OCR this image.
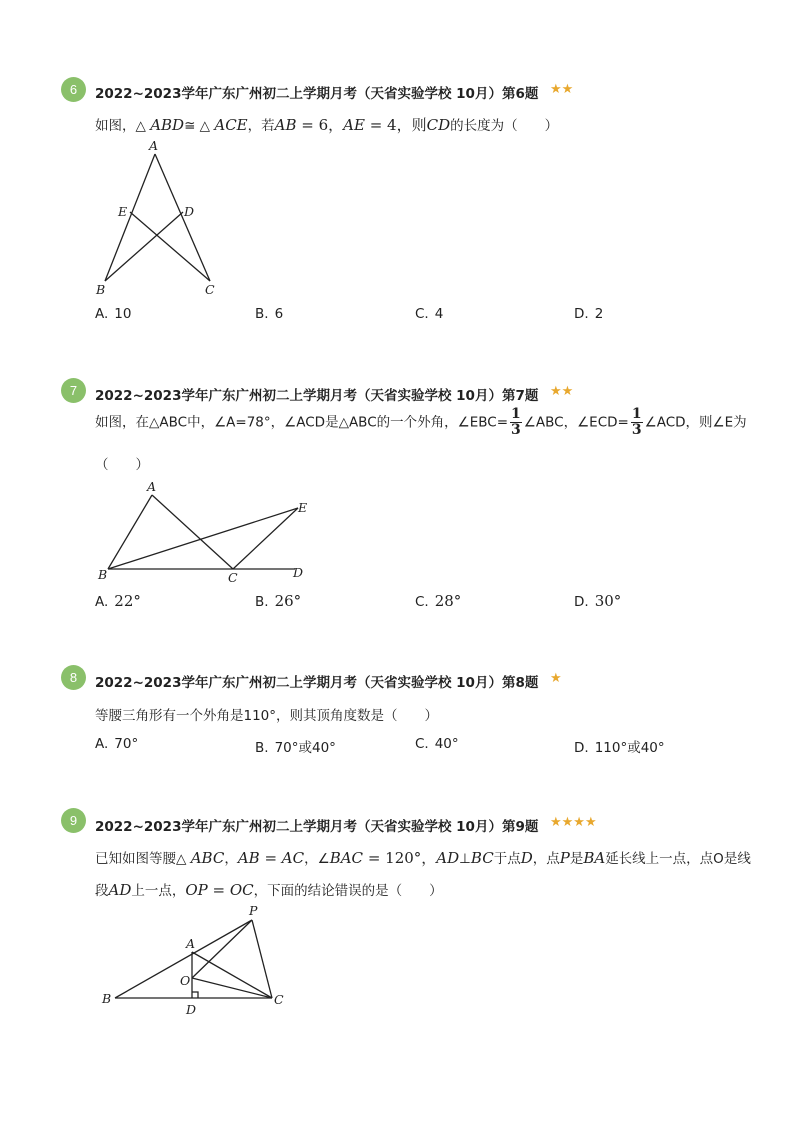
6	2022~2023学年广东广州初二上学期月考（天省实验学校 10月）第6题 ★★
如图，△ ABD≅ △ ACE，若AB = 6，AE = 4，则CD的长度为（　　）
A
E	D
B	C
A. 10	B. 6	C. 4	D. 2
7	2022~2023学年广东广州初二上学期月考（天省实验学校 10月）第7题 ★★
如图，在△ABC中，∠A=78°，∠ACD是△ABC的一个外角，∠EBC= $\frac{1}{3}$ ∠ABC，∠ECD= $\frac{1}{3}$ ∠ACD，则∠E为
（　　）
A
E
B	C	D
A. 22°	B. 26°	C. 28°	D. 30°
8	2022~2023学年广东广州初二上学期月考（天省实验学校 10月）第8题 ★
等腰三角形有一个外角是110°，则其顶角度数是（　　）
A. 70°	B. 70°或40°	C. 40°	D. 110°或40°
9	2022~2023学年广东广州初二上学期月考（天省实验学校 10月）第9题 ★★★★
已知如图等腰△ ABC，AB = AC，∠BAC = 120°，AD⊥BC于点D，点P是BA延长线上一点，点O是线
段AD上一点，OP = OC，下面的结论错误的是（　　）
P
A
O
B	C
D
